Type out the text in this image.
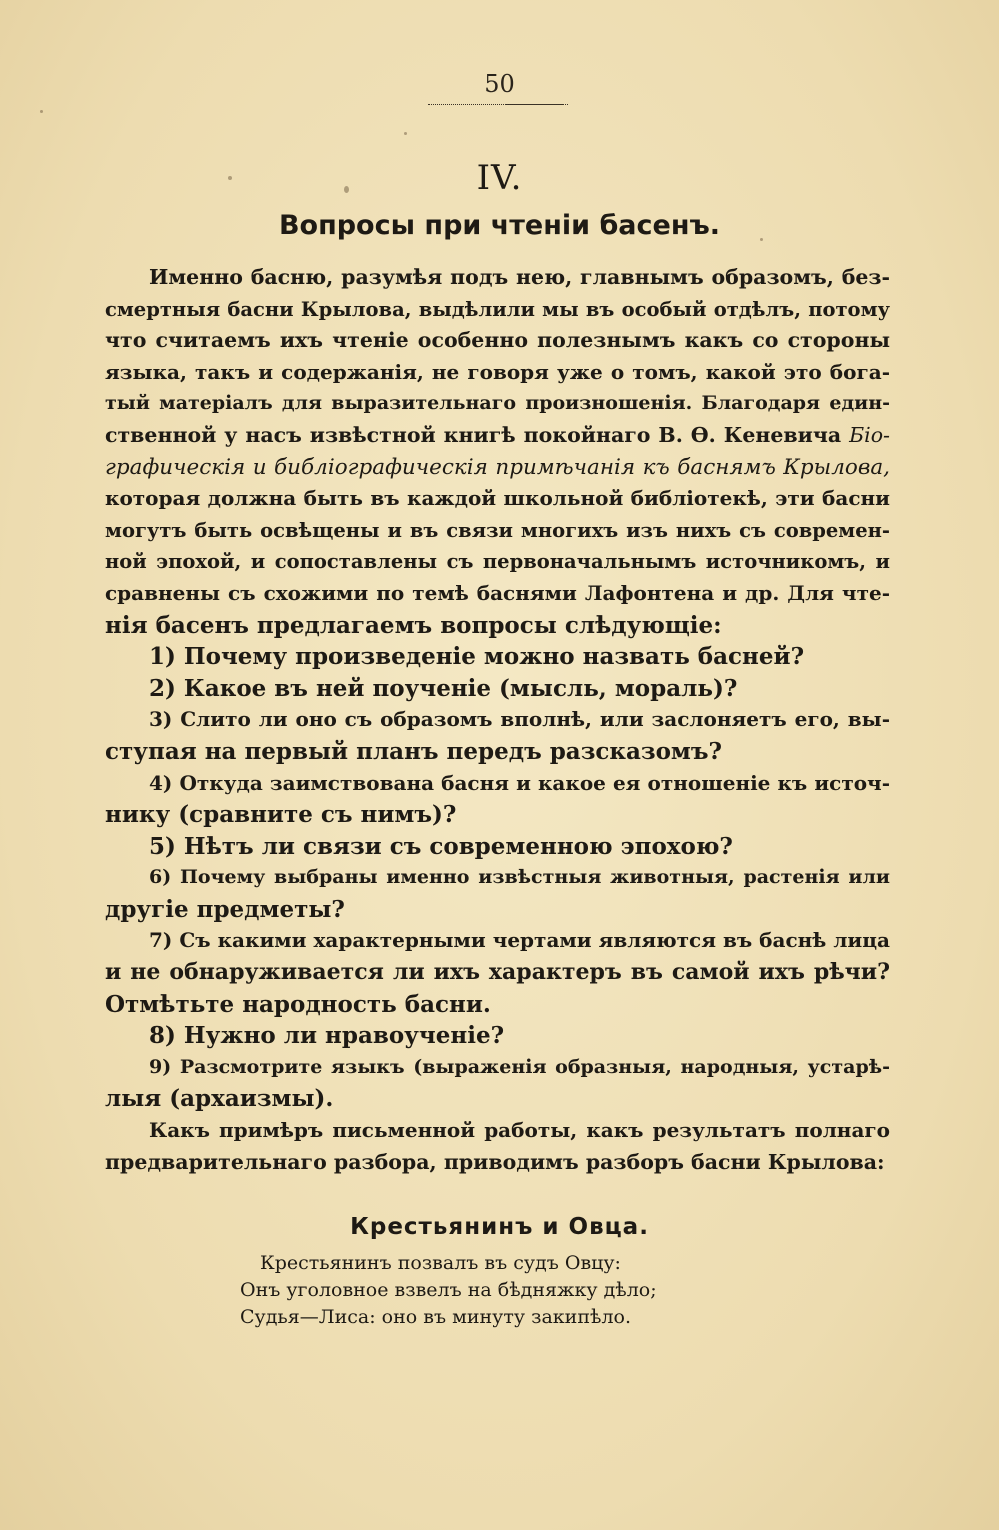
50
IV.
Вопросы при чтенiи басенъ.
Именно басню, разумѣя подъ нею, главнымъ образомъ, без-
смертныя басни Крылова, выдѣлили мы въ особый отдѣлъ, потому
что считаемъ ихъ чтенiе особенно полезнымъ какъ со стороны
языка, такъ и содержанiя, не говоря уже о томъ, какой это бога-
тый матерiалъ для выразительнаго произношенiя. Благодаря един-
ственной у насъ извѣстной книгѣ покойнаго В. Ѳ. Кеневича Бiо-
графическiя и библiографическiя примѣчанiя къ баснямъ Крылова,
которая должна быть въ каждой школьной библiотекѣ, эти басни
могутъ быть освѣщены и въ связи многихъ изъ нихъ съ современ-
ной эпохой, и сопоставлены съ первоначальнымъ источникомъ, и
сравнены съ схожими по темѣ баснями Лафонтена и др. Для чте-
нiя басенъ предлагаемъ вопросы слѣдующiе:
1) Почему произведенiе можно назвать басней?
2) Какое въ ней поученiе (мысль, мораль)?
3) Слито ли оно съ образомъ вполнѣ, или заслоняетъ его, вы-
ступая на первый планъ передъ разсказомъ?
4) Откуда заимствована басня и какое ея отношенiе къ источ-
нику (сравните съ нимъ)?
5) Нѣтъ ли связи съ современною эпохою?
6) Почему выбраны именно извѣстныя животныя, растенiя или
другiе предметы?
7) Съ какими характерными чертами являются въ баснѣ лица
и не обнаруживается ли ихъ характеръ въ самой ихъ рѣчи?
Отмѣтьте народность басни.
8) Нужно ли нравоученiе?
9) Разсмотрите языкъ (выраженiя образныя, народныя, устарѣ-
лыя (архаизмы).
Какъ примѣръ письменной работы, какъ результатъ полнаго
предварительнаго разбора, приводимъ разборъ басни Крылова:
Крестьянинъ и Овца.
Крестьянинъ позвалъ въ судъ Овцу:
Онъ уголовное взвелъ на бѣдняжку дѣло;
Судья—Лиса: оно въ минуту закипѣло.
